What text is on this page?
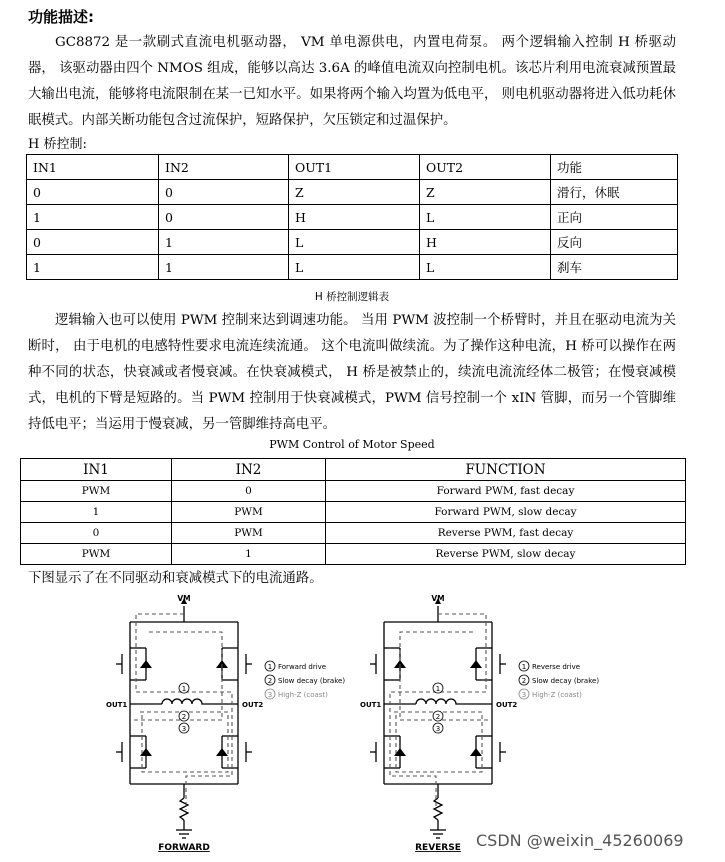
功能描述:
GC8872 是一款刷式直流电机驱动器， VM 单电源供电，内置电荷泵。 两个逻辑输入控制 H 桥驱动器， 该驱动器由四个 NMOS 组成，能够以高达 3.6A 的峰值电流双向控制电机。该芯片利用电流衰减预置最大输出电流，能够将电流限制在某一已知水平。如果将两个输入均置为低电平， 则电机驱动器将进入低功耗休眠模式。内部关断功能包含过流保护，短路保护，欠压锁定和过温保护。
H 桥控制:
IN1	IN2	OUT1	OUT2	功能
0	0	Z	Z	滑行，休眠
1	0	H	L	正向
0	1	L	H	反向
1	1	L	L	刹车
H 桥控制逻辑表
逻辑输入也可以使用 PWM 控制来达到调速功能。 当用 PWM 波控制一个桥臂时，并且在驱动电流为关断时， 由于电机的电感特性要求电流连续流通。 这个电流叫做续流。为了操作这种电流，H 桥可以操作在两种不同的状态，快衰减或者慢衰减。在快衰减模式， H 桥是被禁止的，续流电流流经体二极管；在慢衰减模式，电机的下臂是短路的。当 PWM 控制用于快衰减模式，PWM 信号控制一个 xIN 管脚，而另一个管脚维持低电平；当运用于慢衰减，另一管脚维持高电平。
PWM Control of Motor Speed
IN1	IN2	FUNCTION
PWM	0	Forward PWM, fast decay
1	PWM	Forward PWM, slow decay
0	PWM	Reverse PWM, fast decay
PWM	1	Reverse PWM, slow decay
下图显示了在不同驱动和衰减模式下的电流通路。
1
2
3
VM
OUT1	OUT2
1 Forward drive
2 Slow decay (brake)
3 High-Z (coast)
FORWARD
1
2
3
VM
OUT1	OUT2
1 Reverse drive
2 Slow decay (brake)
3 High-Z (coast)
REVERSE CSDN @weixin_45260069
